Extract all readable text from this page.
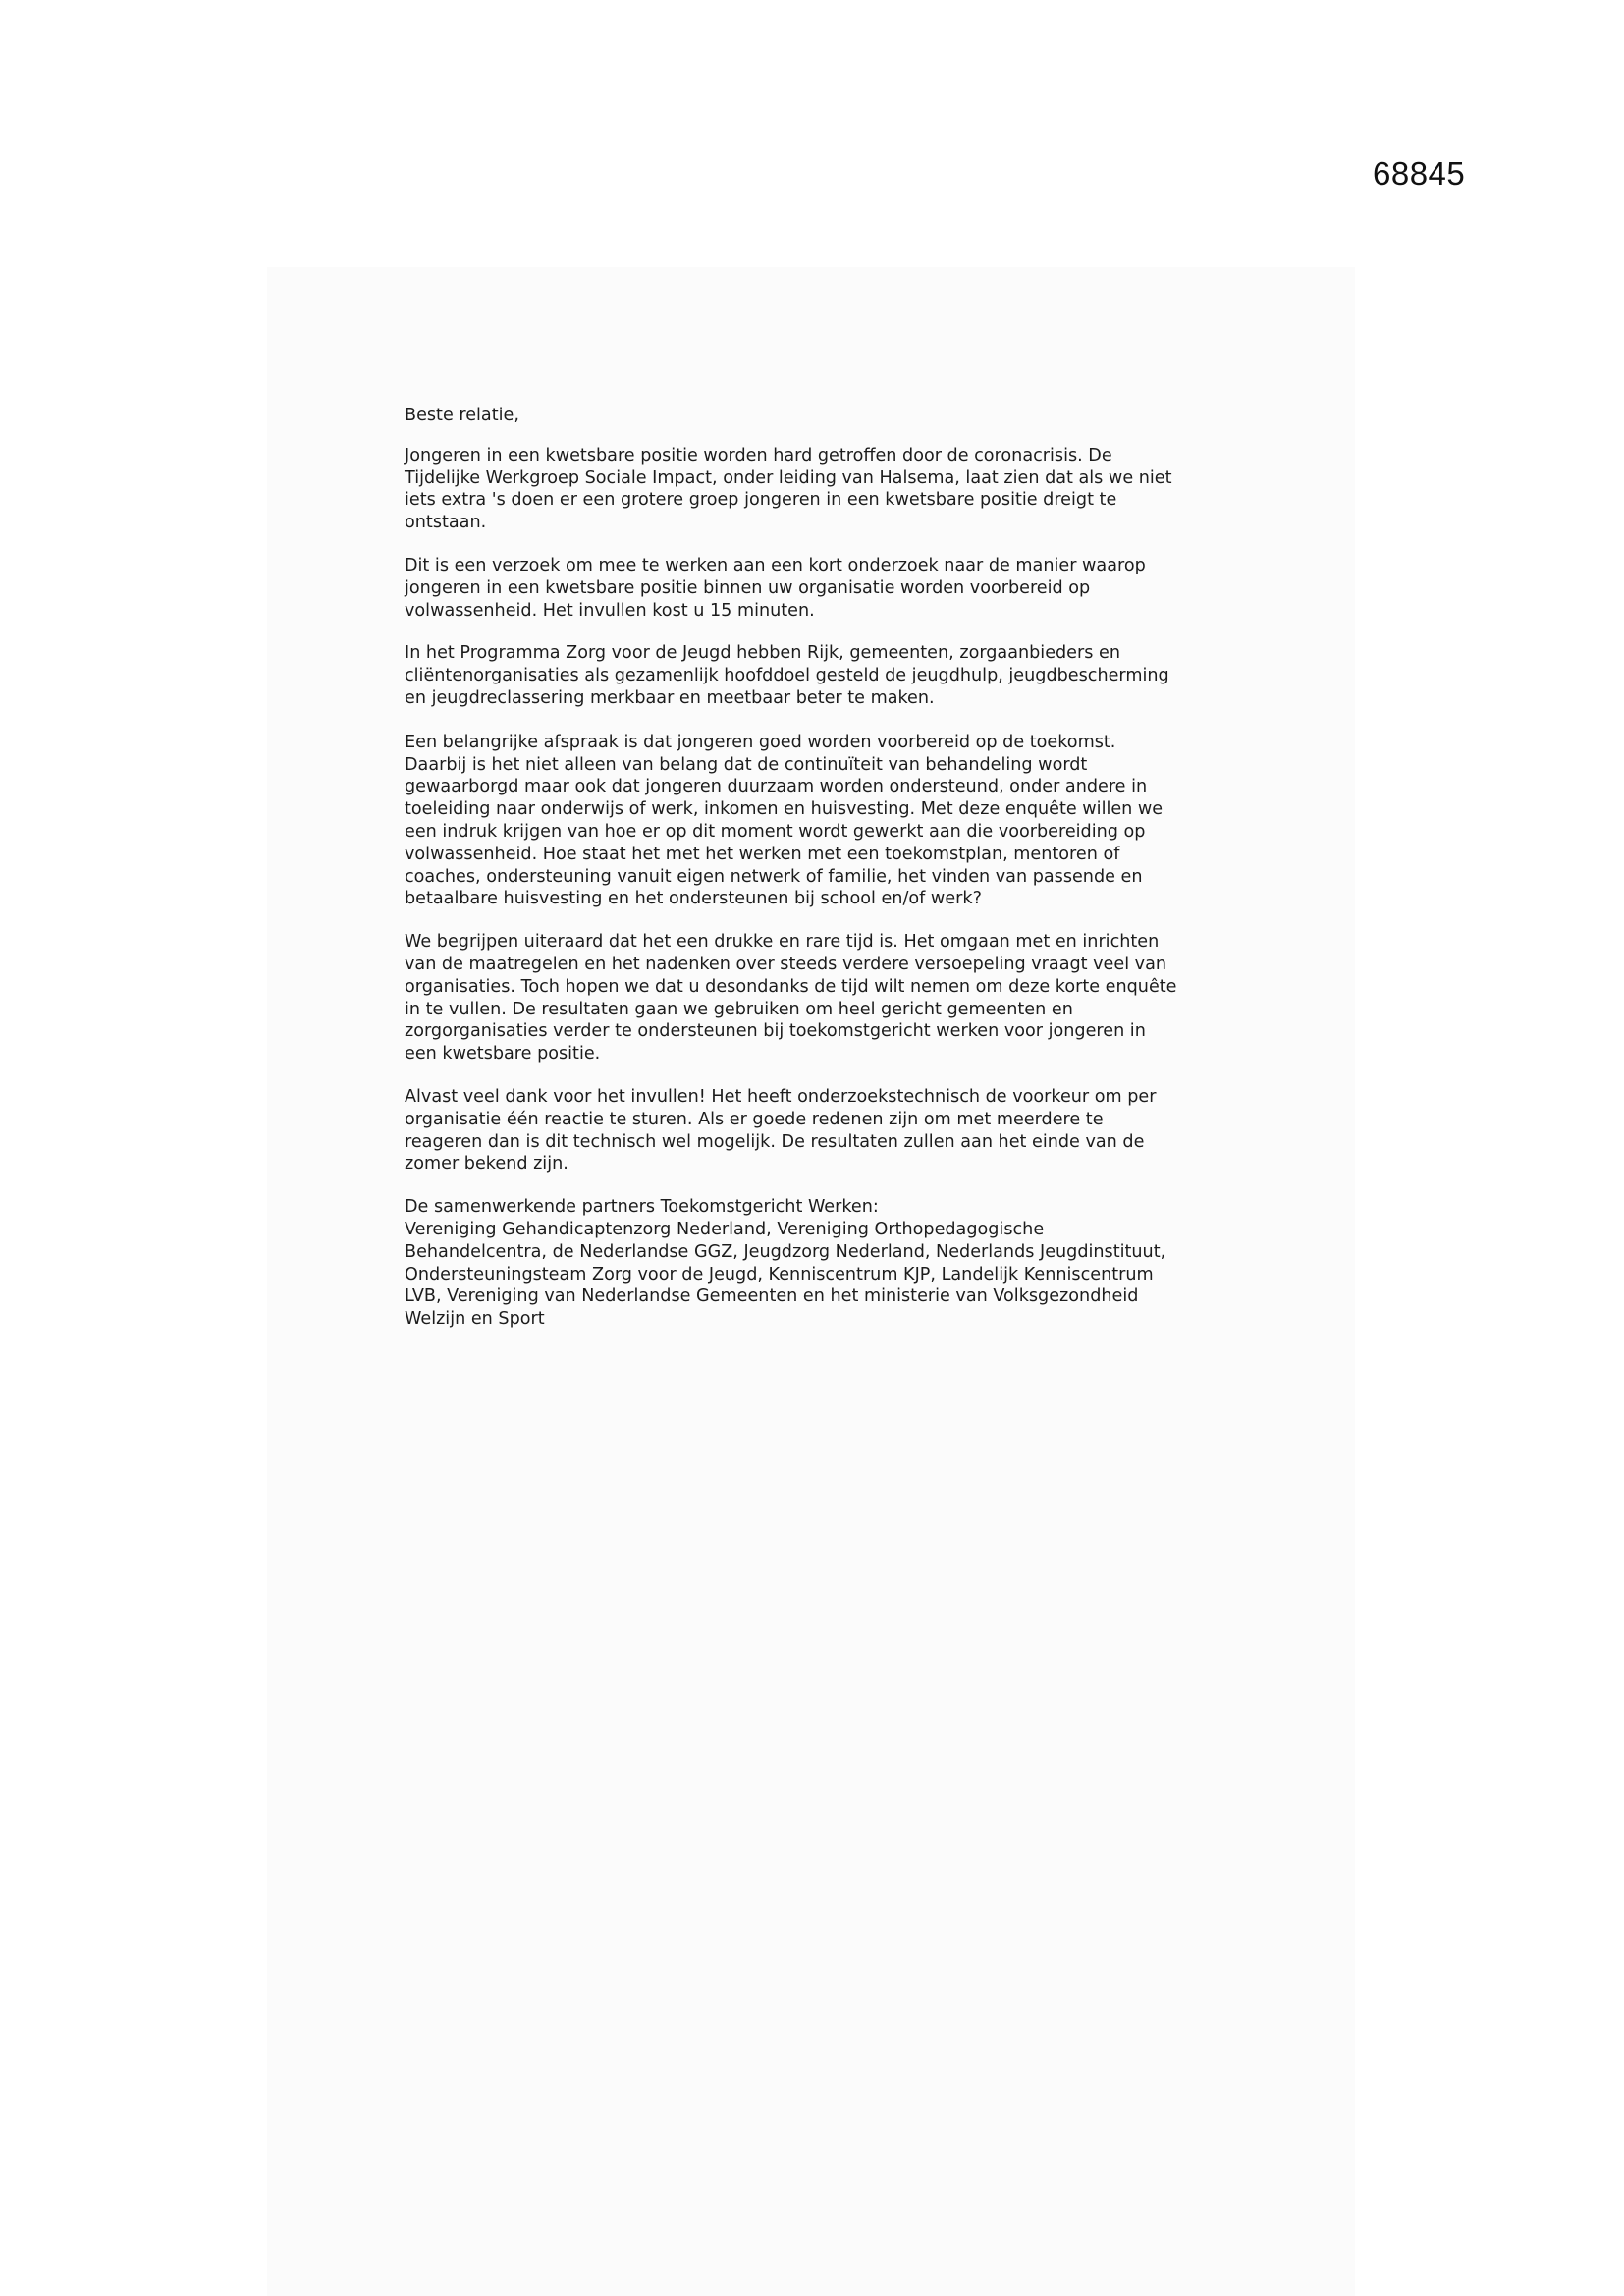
68845

Beste relatie,

Jongeren in een kwetsbare positie worden hard getroffen door de coronacrisis. De
Tijdelijke Werkgroep Sociale Impact, onder leiding van Halsema, laat zien dat als we niet
iets extra 's doen er een grotere groep jongeren in een kwetsbare positie dreigt te
ontstaan.

Dit is een verzoek om mee te werken aan een kort onderzoek naar de manier waarop
jongeren in een kwetsbare positie binnen uw organisatie worden voorbereid op
volwassenheid. Het invullen kost u 15 minuten.

In het Programma Zorg voor de Jeugd hebben Rijk, gemeenten, zorgaanbieders en
cliëntenorganisaties als gezamenlijk hoofddoel gesteld de jeugdhulp, jeugdbescherming
en jeugdreclassering merkbaar en meetbaar beter te maken.

Een belangrijke afspraak is dat jongeren goed worden voorbereid op de toekomst.
Daarbij is het niet alleen van belang dat de continuïteit van behandeling wordt
gewaarborgd maar ook dat jongeren duurzaam worden ondersteund, onder andere in
toeleiding naar onderwijs of werk, inkomen en huisvesting. Met deze enquête willen we
een indruk krijgen van hoe er op dit moment wordt gewerkt aan die voorbereiding op
volwassenheid. Hoe staat het met het werken met een toekomstplan, mentoren of
coaches, ondersteuning vanuit eigen netwerk of familie, het vinden van passende en
betaalbare huisvesting en het ondersteunen bij school en/of werk?

We begrijpen uiteraard dat het een drukke en rare tijd is. Het omgaan met en inrichten
van de maatregelen en het nadenken over steeds verdere versoepeling vraagt veel van
organisaties. Toch hopen we dat u desondanks de tijd wilt nemen om deze korte enquête
in te vullen. De resultaten gaan we gebruiken om heel gericht gemeenten en
zorgorganisaties verder te ondersteunen bij toekomstgericht werken voor jongeren in
een kwetsbare positie.

Alvast veel dank voor het invullen! Het heeft onderzoekstechnisch de voorkeur om per
organisatie één reactie te sturen. Als er goede redenen zijn om met meerdere te
reageren dan is dit technisch wel mogelijk. De resultaten zullen aan het einde van de
zomer bekend zijn.

De samenwerkende partners Toekomstgericht Werken:
Vereniging Gehandicaptenzorg Nederland, Vereniging Orthopedagogische
Behandelcentra, de Nederlandse GGZ, Jeugdzorg Nederland, Nederlands Jeugdinstituut,
Ondersteuningsteam Zorg voor de Jeugd, Kenniscentrum KJP, Landelijk Kenniscentrum
LVB, Vereniging van Nederlandse Gemeenten en het ministerie van Volksgezondheid
Welzijn en Sport
